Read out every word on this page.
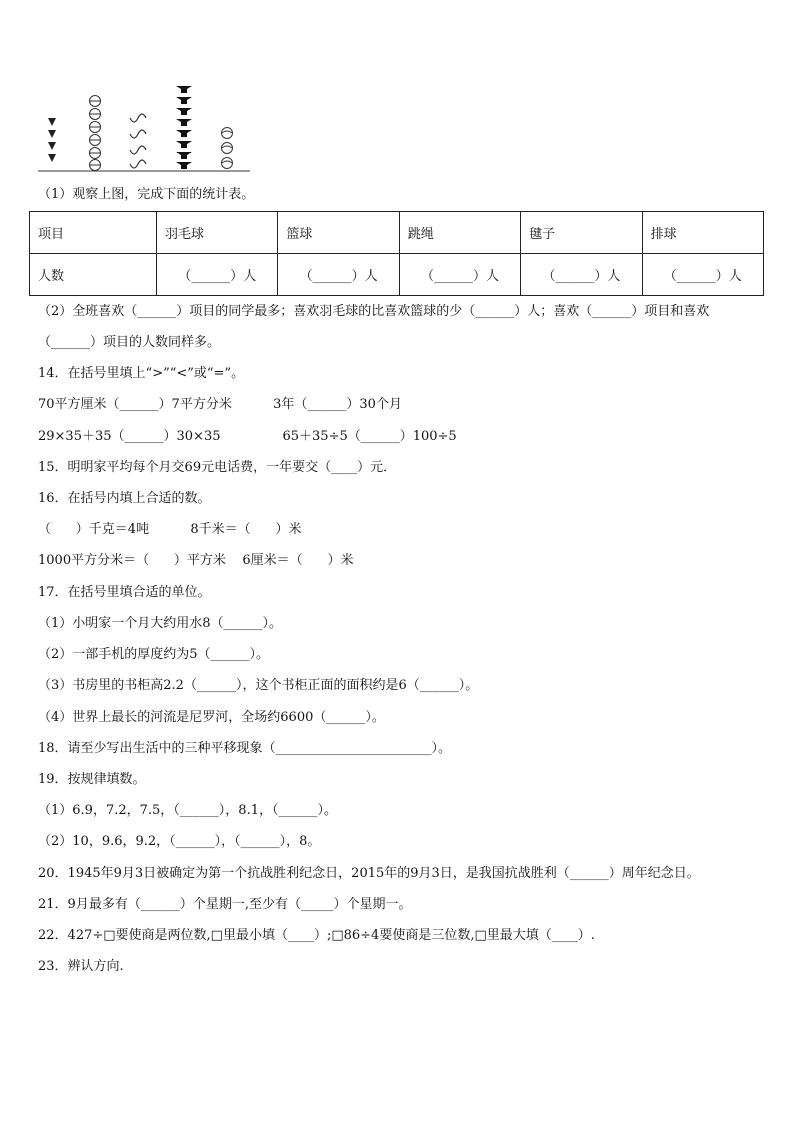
（1）观察上图，完成下面的统计表。
项目	羽毛球	篮球	跳绳	毽子	排球
人数	（______）人	（______）人	（______）人	（______）人	（______）人
（2）全班喜欢（______）项目的同学最多；喜欢羽毛球的比喜欢篮球的少（______）人；喜欢（______）项目和喜欢
（______）项目的人数同样多。
14．在括号里填上“>”“<”或“=”。
70平方厘米（______）7平方分米          3年（______）30个月
29×35＋35（______）30×35               65＋35÷5（______）100÷5
15．明明家平均每个月交69元电话费，一年要交（____）元．
16．在括号内填上合适的数。
（      ）千克＝4吨          8千米＝（      ）米
1000平方分米＝（      ）平方米    6厘米＝（      ）米
17．在括号里填合适的单位。
（1）小明家一个月大约用水8（______）。
（2）一部手机的厚度约为5（______）。
（3）书房里的书柜高2.2（______），这个书柜正面的面积约是6（______）。
（4）世界上最长的河流是尼罗河，全场约6600（______）。
18．请至少写出生活中的三种平移现象（________________________）。
19．按规律填数。
（1）6.9，7.2，7.5，（______），8.1，（______）。
（2）10，9.6，9.2，（______），（______），8。
20．1945年9月3日被确定为第一个抗战胜利纪念日，2015年的9月3日，是我国抗战胜利（______）周年纪念日。
21．9月最多有（______）个星期一,至少有（_____）个星期一。
22．427÷□要使商是两位数,□里最小填（____）;□86÷4要使商是三位数,□里最大填（____）.
23．辨认方向.
